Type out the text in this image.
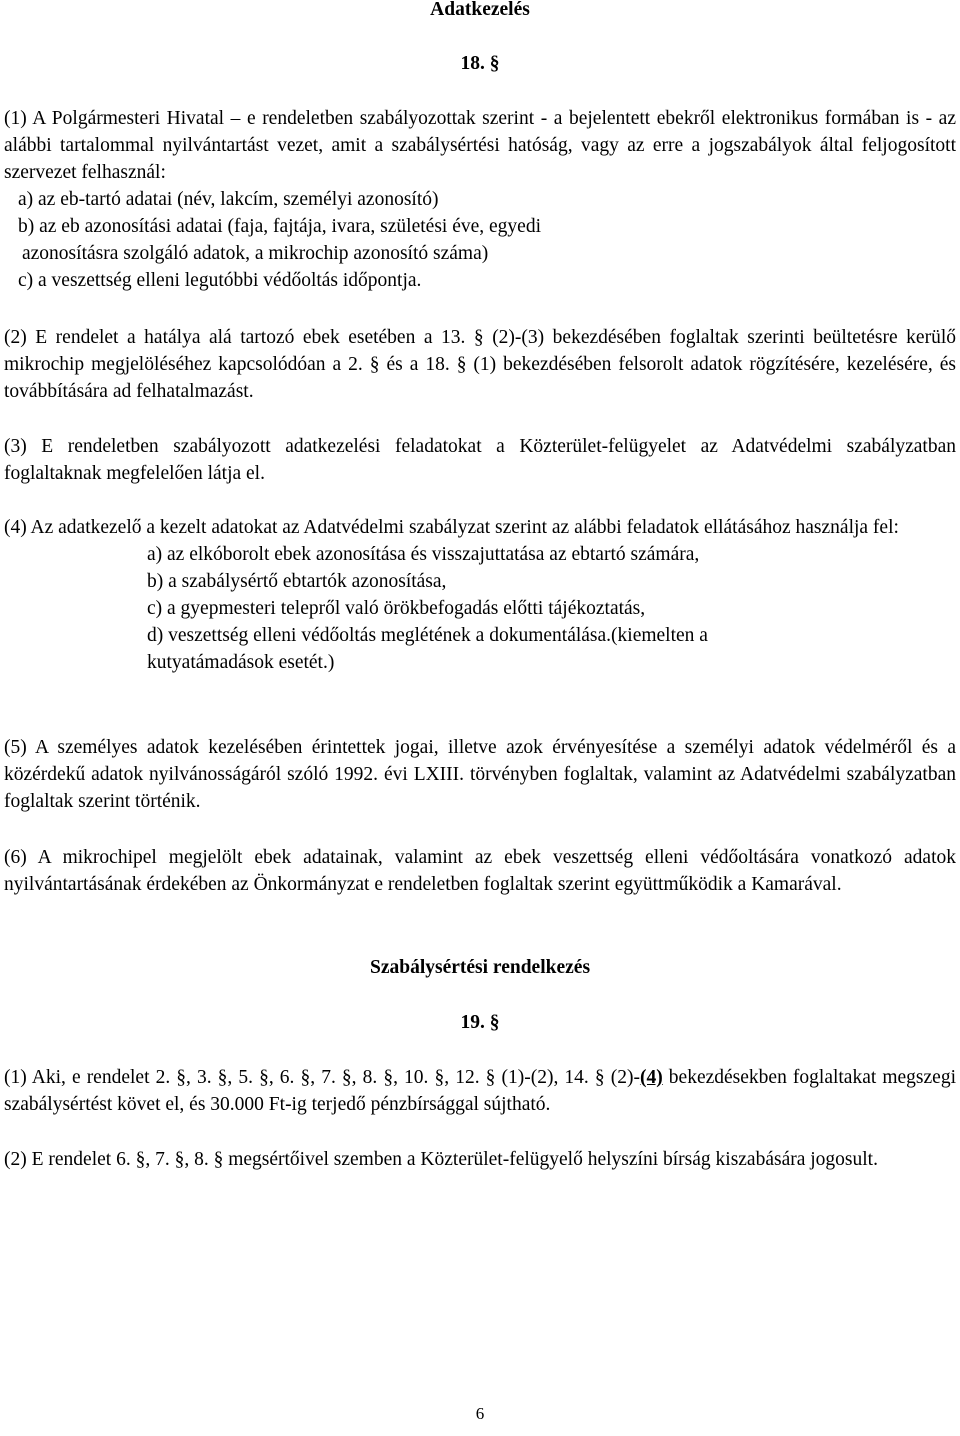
Adatkezelés

18. §

(1) A Polgármesteri Hivatal – e rendeletben szabályozottak szerint - a bejelentett ebekről elektronikus formában is - az alábbi tartalommal nyilvántartást vezet, amit a szabálysértési hatóság, vagy az erre a jogszabályok által feljogosított szervezet felhasznál:

a) az eb-tartó adatai (név, lakcím, személyi azonosító)

b) az eb azonosítási adatai (faja, fajtája, ivara, születési éve, egyedi

azonosításra szolgáló adatok, a mikrochip azonosító száma)

c) a veszettség elleni legutóbbi védőoltás időpontja.

(2) E rendelet a hatálya alá tartozó ebek esetében a 13. § (2)-(3) bekezdésében foglaltak szerinti beültetésre kerülő mikrochip megjelöléséhez kapcsolódóan a 2. § és a 18. § (1) bekezdésében felsorolt adatok rögzítésére, kezelésére, és továbbítására ad felhatalmazást.

(3) E rendeletben szabályozott adatkezelési feladatokat a Közterület-felügyelet az Adatvédelmi szabályzatban foglaltaknak megfelelően látja el.

(4) Az adatkezelő a kezelt adatokat az Adatvédelmi szabályzat szerint az alábbi feladatok ellátásához használja fel:

a) az elkóborolt ebek azonosítása és visszajuttatása az ebtartó számára,

b) a szabálysértő ebtartók azonosítása,

c) a gyepmesteri telepről való örökbefogadás előtti tájékoztatás,

d) veszettség elleni védőoltás meglétének a dokumentálása.(kiemelten a

kutyatámadások esetét.)

(5) A személyes adatok kezelésében érintettek jogai, illetve azok érvényesítése a személyi adatok védelméről és a közérdekű adatok nyilvánosságáról szóló 1992. évi LXIII. törvényben foglaltak, valamint az Adatvédelmi szabályzatban foglaltak szerint történik.

(6) A mikrochipel megjelölt ebek adatainak, valamint az ebek veszettség elleni védőoltására vonatkozó adatok nyilvántartásának érdekében az Önkormányzat e rendeletben foglaltak szerint együttműködik a Kamarával.

Szabálysértési rendelkezés

19. §

(1) Aki, e rendelet 2. §, 3. §, 5. §, 6. §, 7. §, 8. §, 10. §, 12. § (1)-(2), 14. § (2)-(4) bekezdésekben foglaltakat megszegi szabálysértést követ el, és 30.000 Ft-ig terjedő pénzbírsággal sújtható.

(2) E rendelet 6. §, 7. §, 8. § megsértőivel szemben a Közterület-felügyelő helyszíni bírság kiszabására jogosult.

6
